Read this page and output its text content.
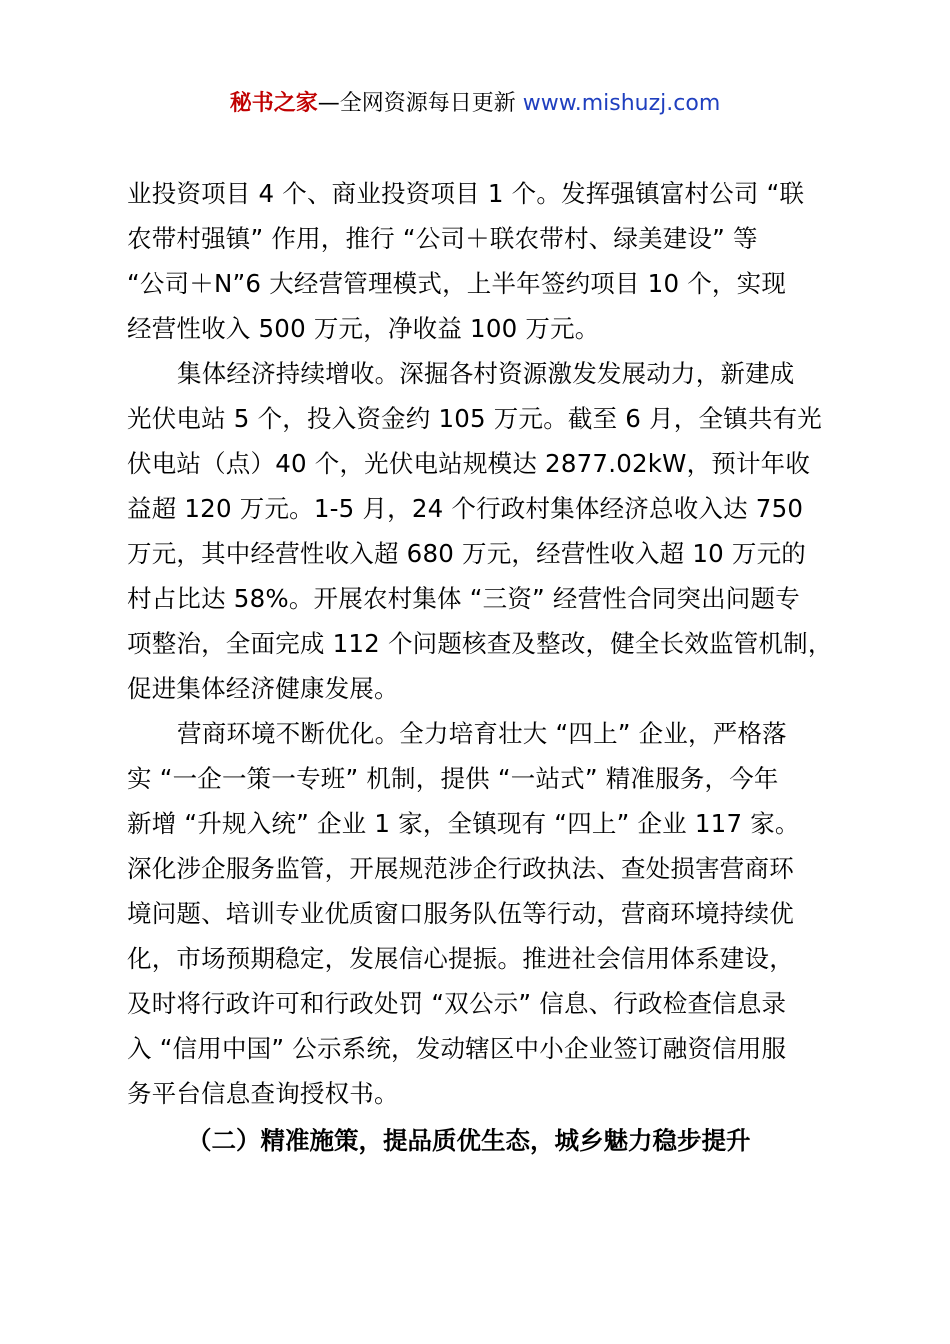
秘书之家—全网资源每日更新 www.mishuzj.com
业投资项目 4 个、商业投资项目 1 个。发挥强镇富村公司 “联
农带村强镇” 作用，推行 “公司＋联农带村、绿美建设” 等
“公司＋N”6 大经营管理模式，上半年签约项目 10 个，实现
经营性收入 500 万元，净收益 100 万元。
集体经济持续增收。深掘各村资源激发发展动力，新建成
光伏电站 5 个，投入资金约 105 万元。截至 6 月，全镇共有光
伏电站（点）40 个，光伏电站规模达 2877.02kW，预计年收
益超 120 万元。1-5 月，24 个行政村集体经济总收入达 750
万元，其中经营性收入超 680 万元，经营性收入超 10 万元的
村占比达 58%。开展农村集体 “三资” 经营性合同突出问题专
项整治，全面完成 112 个问题核查及整改，健全长效监管机制，
促进集体经济健康发展。
营商环境不断优化。全力培育壮大 “四上” 企业，严格落
实 “一企一策一专班” 机制，提供 “一站式” 精准服务，今年
新增 “升规入统” 企业 1 家，全镇现有 “四上” 企业 117 家。
深化涉企服务监管，开展规范涉企行政执法、查处损害营商环
境问题、培训专业优质窗口服务队伍等行动，营商环境持续优
化，市场预期稳定，发展信心提振。推进社会信用体系建设，
及时将行政许可和行政处罚 “双公示” 信息、行政检查信息录
入 “信用中国” 公示系统，发动辖区中小企业签订融资信用服
务平台信息查询授权书。
（二）精准施策，提品质优生态，城乡魅力稳步提升
